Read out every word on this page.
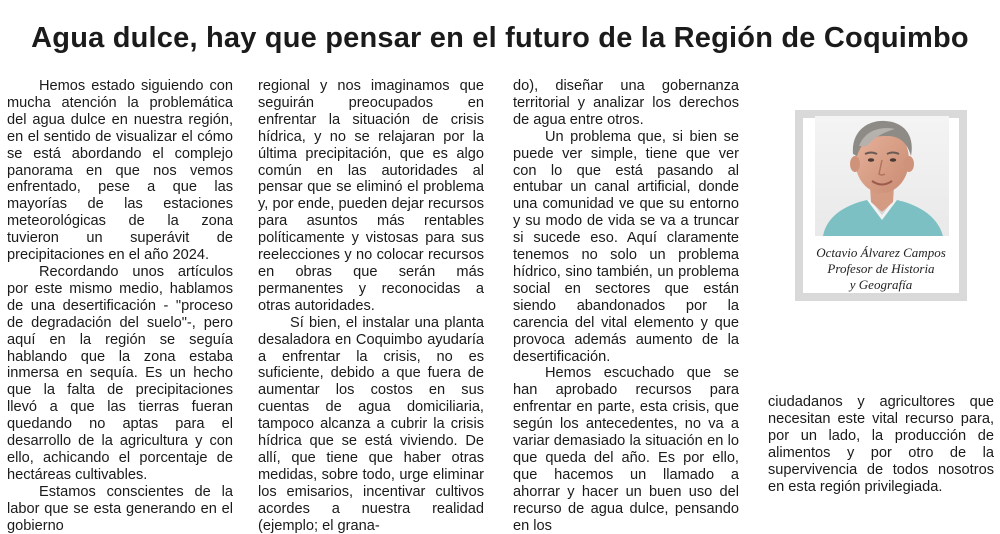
Agua dulce, hay que pensar en el futuro de la Región de Coquimbo

Hemos estado siguiendo con mucha atención la problemática del agua dulce en nuestra región, en el sentido de visualizar el cómo se está abordando el complejo panorama en que nos vemos enfrentado, pese a que las mayorías de las estaciones meteorológicas de la zona tuvieron un superávit de precipitaciones en el año 2024.

Recordando unos artículos por este mismo medio, hablamos de una desertificación - "proceso de degradación del suelo"-, pero aquí en la región se seguía hablando que la zona estaba inmersa en sequía. Es un hecho que la falta de precipitaciones llevó a que las tierras fueran quedando no aptas para el desarrollo de la agricultura y con ello, achicando el porcentaje de hectáreas cultivables.

Estamos conscientes de la labor que se esta generando en el gobierno

regional y nos imaginamos que seguirán preocupados en enfrentar la situación de crisis hídrica, y no se relajaran por la última precipitación, que es algo común en las autoridades al pensar que se eliminó el problema y, por ende, pueden dejar recursos para asuntos más rentables políticamente y vistosas para sus reelecciones y no colocar recursos en obras que serán más permanentes y reconocidas a otras autoridades.

Sí bien, el instalar una planta desaladora en Coquimbo ayudaría a enfrentar la crisis, no es suficiente, debido a que fuera de aumentar los costos en sus cuentas de agua domiciliaria, tampoco alcanza a cubrir la crisis hídrica que se está viviendo. De allí, que tiene que haber otras medidas, sobre todo, urge eliminar los emisarios, incentivar cultivos acordes a nuestra realidad (ejemplo; el grana-

do), diseñar una gobernanza territorial y analizar los derechos de agua entre otros.

Un problema que, si bien se puede ver simple, tiene que ver con lo que está pasando al entubar un canal artificial, donde una comunidad ve que su entorno y su modo de vida se va a truncar si sucede eso. Aquí claramente tenemos no solo un problema hídrico, sino también, un problema social en sectores que están siendo abandonados por la carencia del vital elemento y que provoca además aumento de la desertificación.

Hemos escuchado que se han aprobado recursos para enfrentar en parte, esta crisis, que según los antecedentes, no va a variar demasiado la situación en lo que queda del año. Es por ello, que hacemos un llamado a ahorrar y hacer un buen uso del recurso de agua dulce, pensando en los

ciudadanos y agricultores que necesitan este vital recurso para, por un lado, la producción de alimentos y por otro de la supervivencia de todos nosotros en esta región privilegiada.

Octavio Álvarez Campos
Profesor de Historia
y Geografía
